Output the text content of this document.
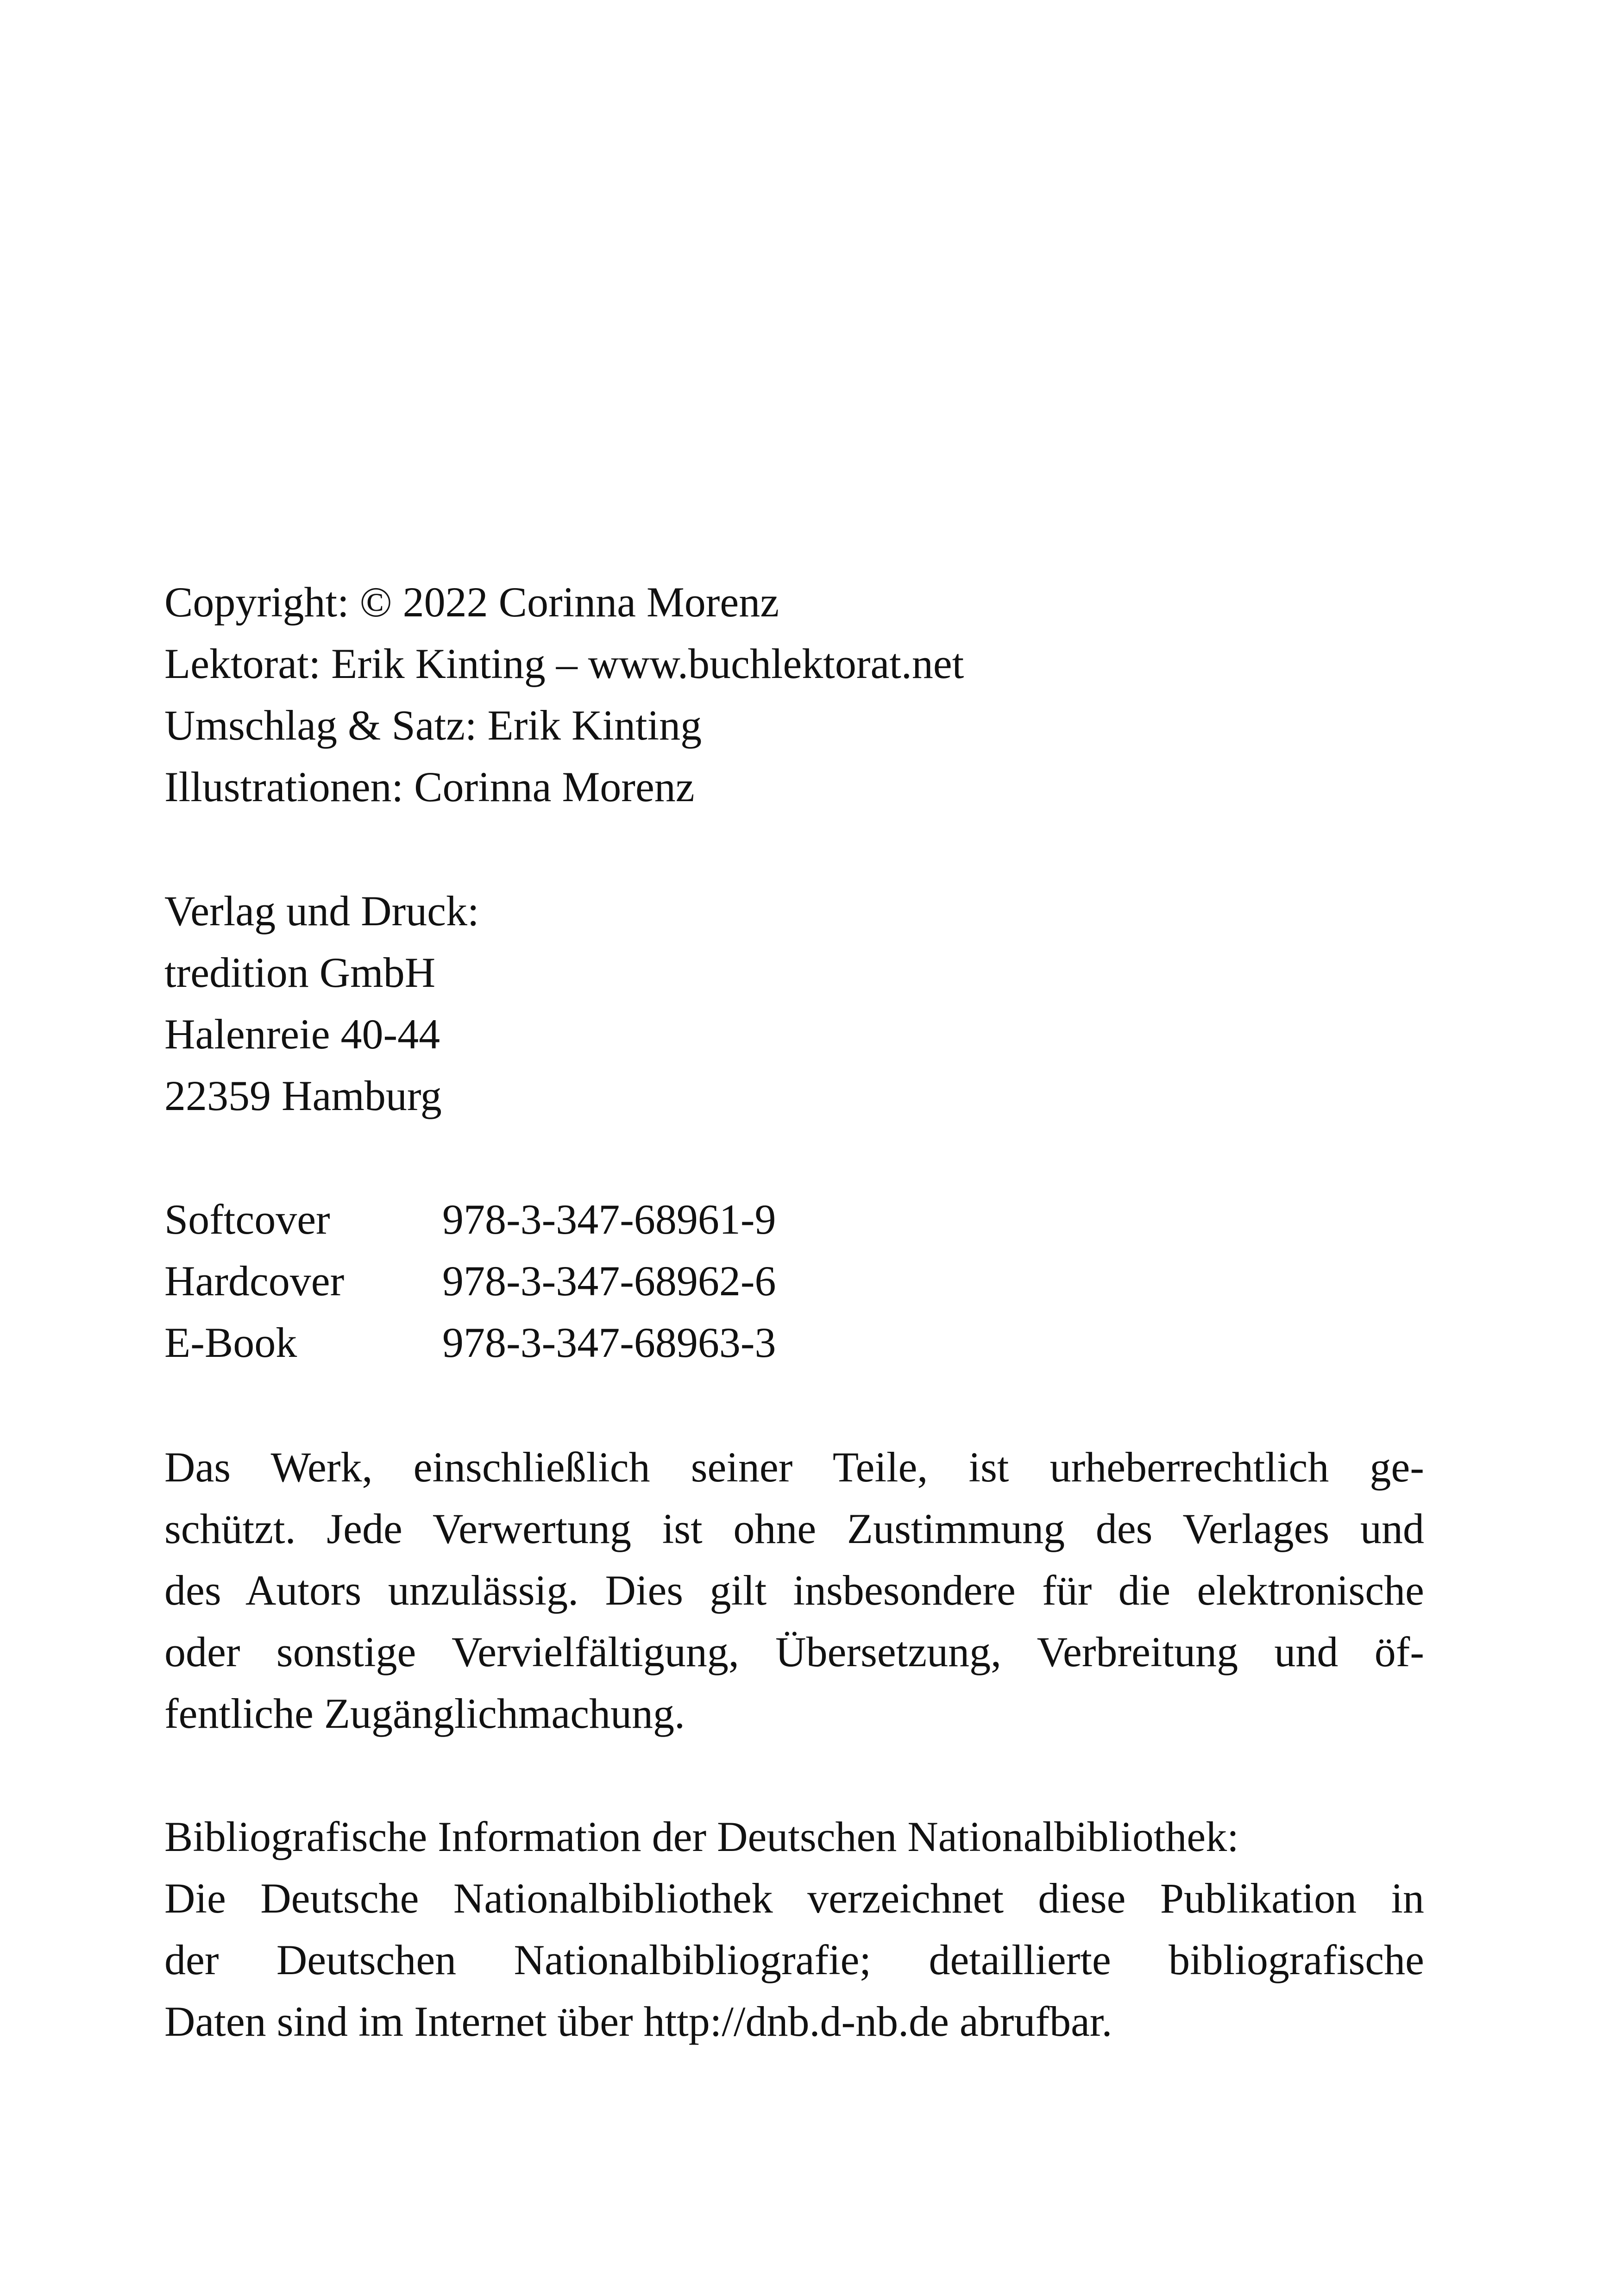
Copyright: © 2022 Corinna Morenz
Lektorat: Erik Kinting – www.buchlektorat.net
Umschlag & Satz: Erik Kinting
Illustrationen: Corinna Morenz
Verlag und Druck:
tredition GmbH
Halenreie 40-44
22359 Hamburg
Softcover	978-3-347-68961-9
Hardcover	978-3-347-68962-6
E-Book	978-3-347-68963-3
Das Werk, einschließlich seiner Teile, ist urheberrechtlich ge-
schützt. Jede Verwertung ist ohne Zustimmung des Verlages und
des Autors unzulässig. Dies gilt insbesondere für die elektronische
oder sonstige Vervielfältigung, Übersetzung, Verbreitung und öf-
fentliche Zugänglichmachung.
Bibliografische Information der Deutschen Nationalbibliothek:
Die Deutsche Nationalbibliothek verzeichnet diese Publikation in
der Deutschen Nationalbibliografie; detaillierte bibliografische
Daten sind im Internet über http://dnb.d-nb.de abrufbar.
